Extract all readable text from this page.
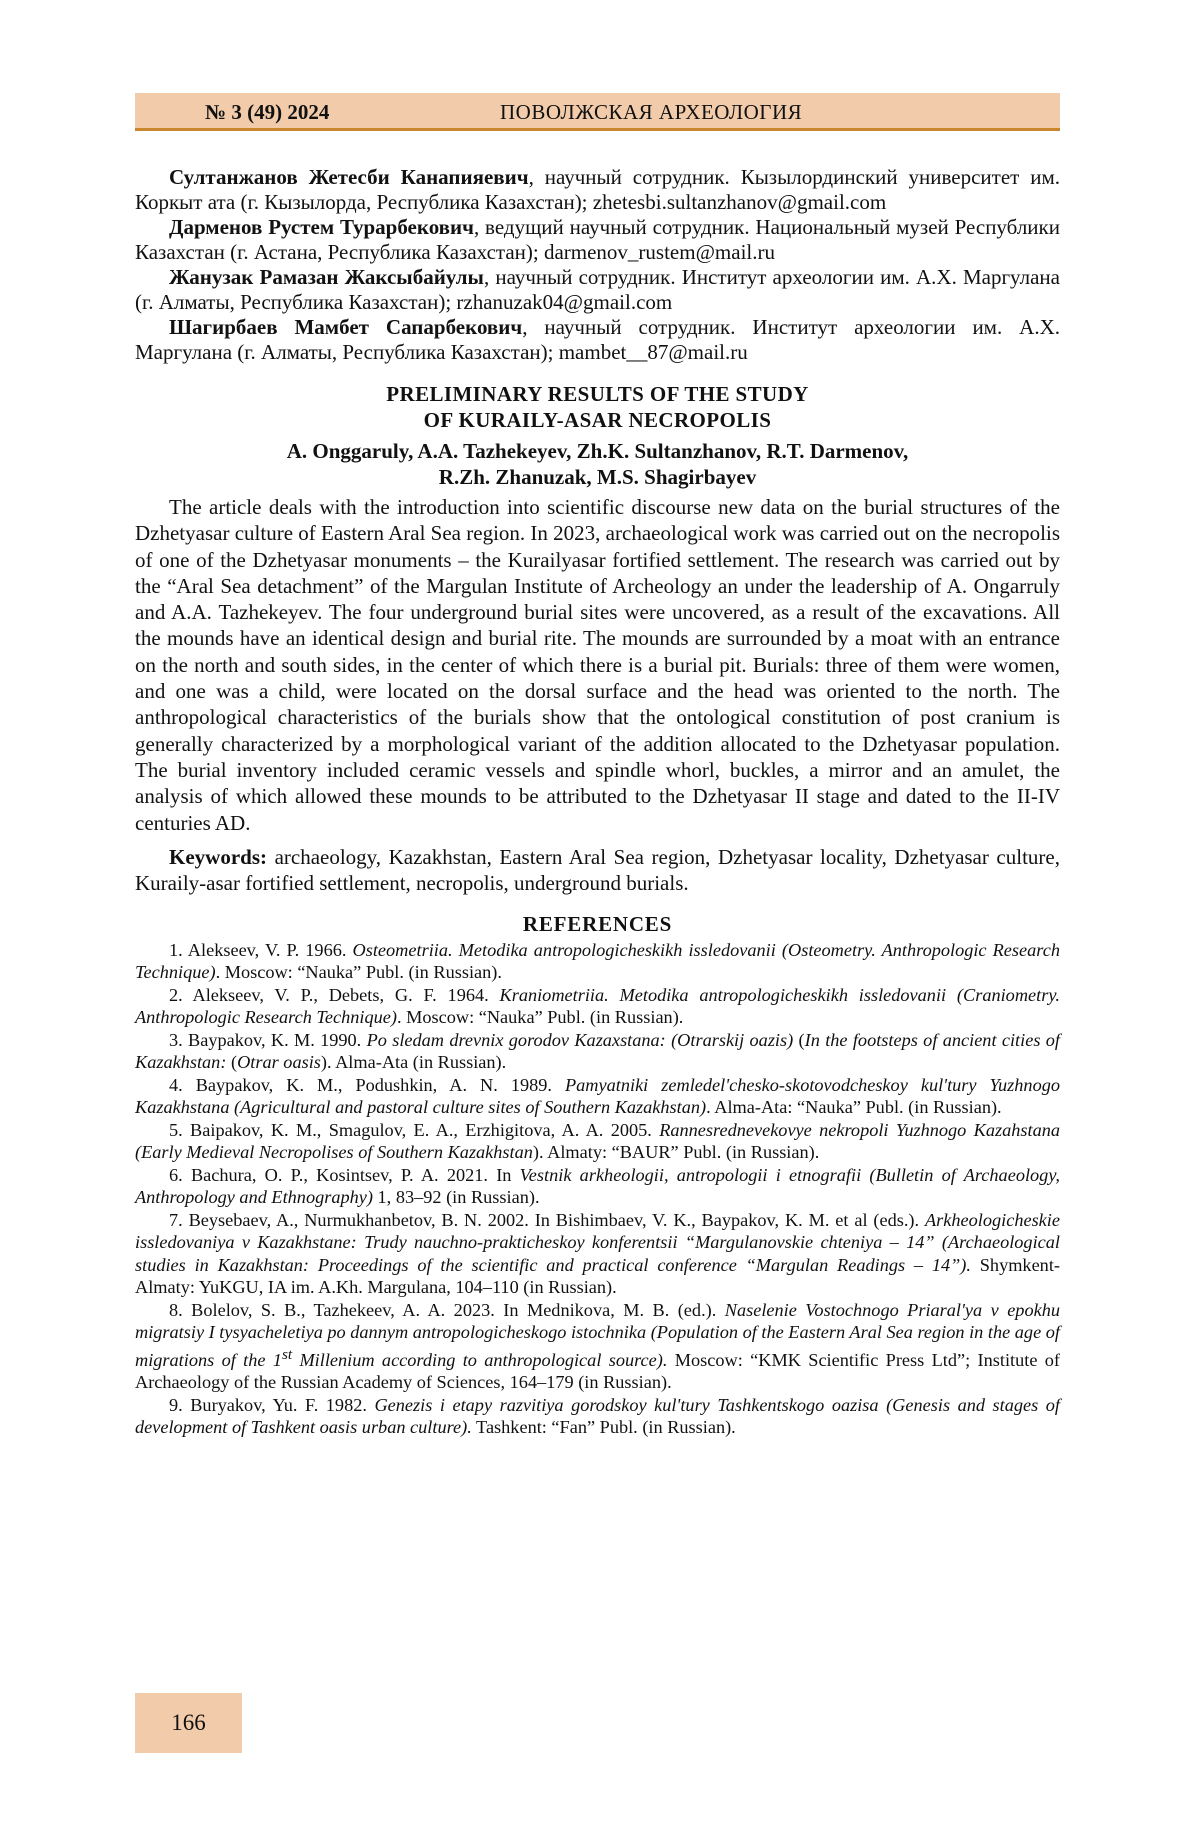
№ 3 (49) 2024	ПОВОЛЖСКАЯ АРХЕОЛОГИЯ

Султанжанов Жетесби Канапияевич, научный сотрудник. Кызылординский университет им. Коркыт ата (г. Кызылорда, Республика Казахстан); zhetesbi.sultanzhanov@gmail.com

Дарменов Рустем Турарбекович, ведущий научный сотрудник. Национальный музей Республики Казахстан (г. Астана, Республика Казахстан); darmenov_rustem@mail.ru

Жанузак Рамазан Жаксыбайулы, научный сотрудник. Институт археологии им. А.Х. Маргулана (г. Алматы, Республика Казахстан); rzhanuzak04@gmail.com

Шагирбаев Мамбет Сапарбекович, научный сотрудник. Институт археологии им. А.Х. Маргулана (г. Алматы, Республика Казахстан); mambet__87@mail.ru

PRELIMINARY RESULTS OF THE STUDY
OF KURAILY-ASAR NECROPOLIS
A. Onggaruly, A.A. Tazhekeyev, Zh.K. Sultanzhanov, R.T. Darmenov,
R.Zh. Zhanuzak, M.S. Shagirbayev

The article deals with the introduction into scientific discourse new data on the burial structures of the Dzhetyasar culture of Eastern Aral Sea region. In 2023, archaeological work was carried out on the necropolis of one of the Dzhetyasar monuments – the Kurailyasar fortified settlement. The research was carried out by the “Aral Sea detachment” of the Margulan Institute of Archeology an under the leadership of A. Ongarruly and A.A. Tazhekeyev. The four underground burial sites were uncovered, as a result of the excavations. All the mounds have an identical design and burial rite. The mounds are surrounded by a moat with an entrance on the north and south sides, in the center of which there is a burial pit. Burials: three of them were women, and one was a child, were located on the dorsal surface and the head was oriented to the north. The anthropological characteristics of the burials show that the ontological constitution of post cranium is generally characterized by a morphological variant of the addition allocated to the Dzhetyasar population. The burial inventory included ceramic vessels and spindle whorl, buckles, a mirror and an amulet, the analysis of which allowed these mounds to be attributed to the Dzhetyasar II stage and dated to the II-IV centuries AD.

Keywords: archaeology, Kazakhstan, Eastern Aral Sea region, Dzhetyasar locality, Dzhetyasar culture, Kuraily-asar fortified settlement, necropolis, underground burials.

REFERENCES

1. Alekseev, V. P. 1966. Osteometriia. Metodika antropologicheskikh issledovanii (Osteometry. Anthropologic Research Technique). Moscow: “Nauka” Publ. (in Russian).

2. Alekseev, V. P., Debets, G. F. 1964. Kraniometriia. Metodika antropologicheskikh issledovanii (Craniometry. Anthropologic Research Technique). Moscow: “Nauka” Publ. (in Russian).

3. Baypakov, K. M. 1990. Po sledam drevnix gorodov Kazaxstana: (Otrarskij oazis) (In the footsteps of ancient cities of Kazakhstan: (Otrar oasis). Alma-Ata (in Russian).

4. Baypakov, K. M., Podushkin, A. N. 1989. Pamyatniki zemledel'chesko-skotovodcheskoy kul'tury Yuzhnogo Kazakhstana (Agricultural and pastoral culture sites of Southern Kazakhstan). Alma-Ata: “Nauka” Publ. (in Russian).

5. Baipakov, K. M., Smagulov, E. A., Erzhigitova, A. A. 2005. Rannesrednevekovye nekropoli Yuzhnogo Kazahstana (Early Medieval Necropolises of Southern Kazakhstan). Almaty: “BAUR” Publ. (in Russian).

6. Bachura, O. P., Kosintsev, P. A. 2021. In Vestnik arkheologii, antropologii i etnografii (Bulletin of Archaeology, Anthropology and Ethnography) 1, 83–92 (in Russian).

7. Beysebaev, A., Nurmukhanbetov, B. N. 2002. In Bishimbaev, V. K., Baypakov, K. M. et al (eds.). Arkheologicheskie issledovaniya v Kazakhstane: Trudy nauchno-prakticheskoy konferentsii “Margulanovskie chteniya – 14” (Archaeological studies in Kazakhstan: Proceedings of the scientific and practical conference “Margulan Readings – 14”). Shymkent-Almaty: YuKGU, IA im. A.Kh. Margulana, 104–110 (in Russian).

8. Bolelov, S. B., Tazhekeev, A. A. 2023. In Mednikova, M. B. (ed.). Naselenie Vostochnogo Priaral'ya v epokhu migratsiy I tysyacheletiya po dannym antropologicheskogo istochnika (Population of the Eastern Aral Sea region in the age of migrations of the 1st Millenium according to anthropological source). Moscow: “KMK Scientific Press Ltd”; Institute of Archaeology of the Russian Academy of Sciences, 164–179 (in Russian).

9. Buryakov, Yu. F. 1982. Genezis i etapy razvitiya gorodskoy kul'tury Tashkentskogo oazisa (Genesis and stages of development of Tashkent oasis urban culture). Tashkent: “Fan” Publ. (in Russian).

166
